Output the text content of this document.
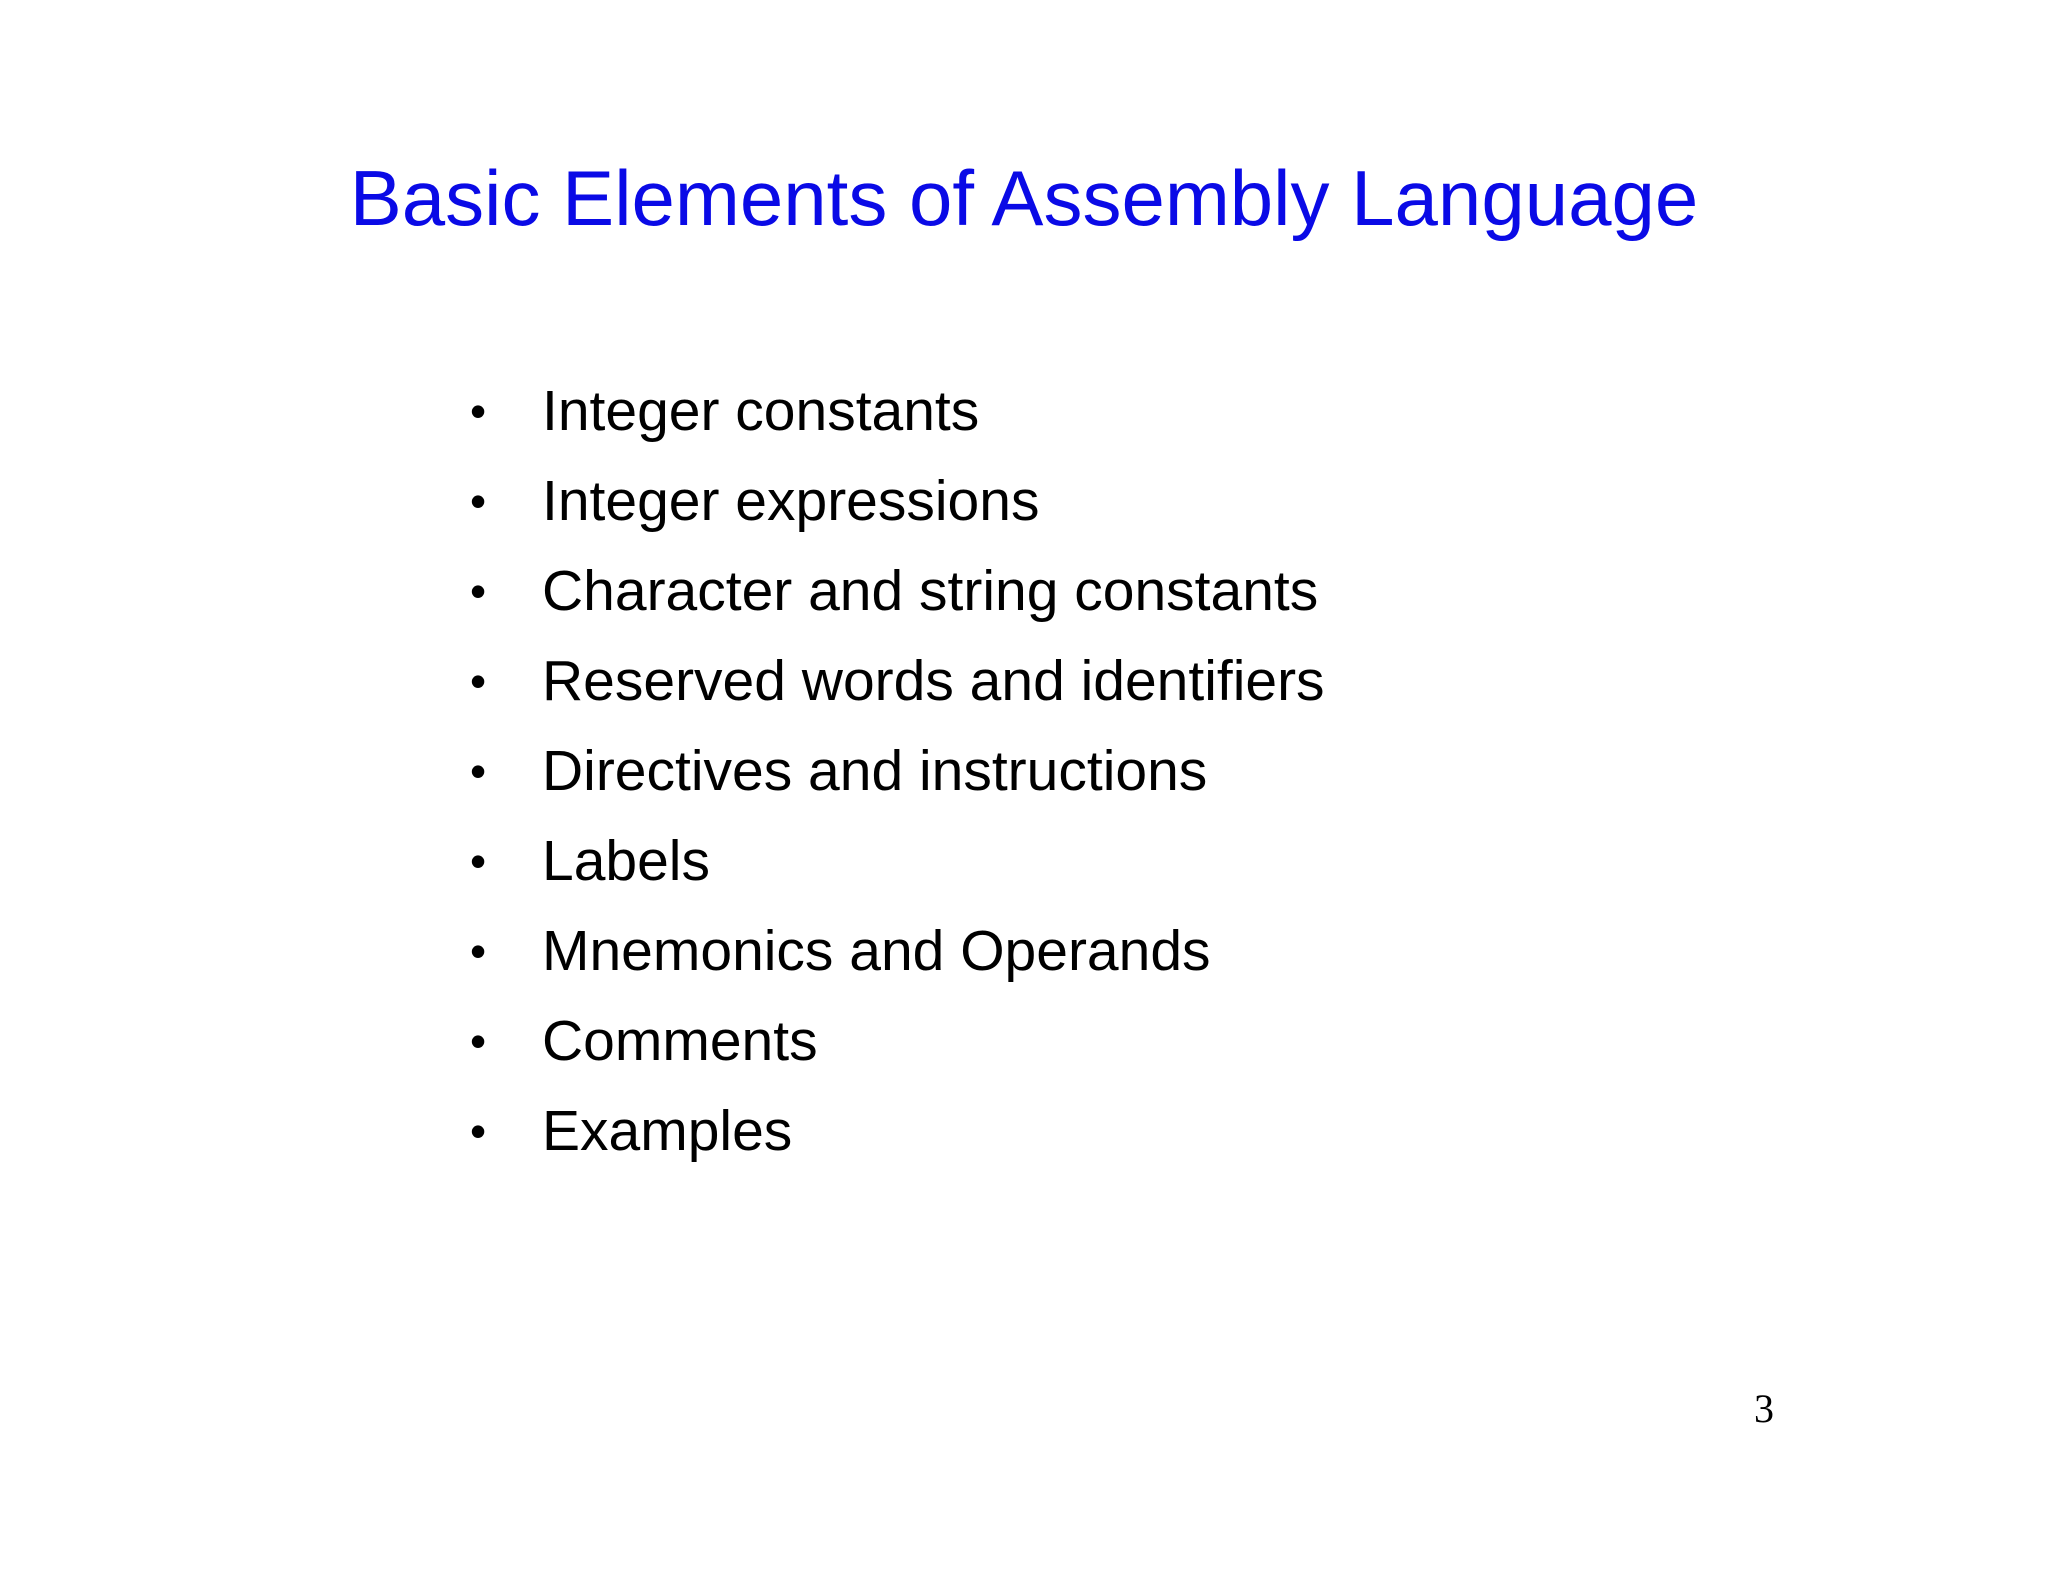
Basic Elements of Assembly Language
• Integer constants
• Integer expressions
• Character and string constants
• Reserved words and identifiers
• Directives and instructions
• Labels
• Mnemonics and Operands
• Comments
• Examples
3
